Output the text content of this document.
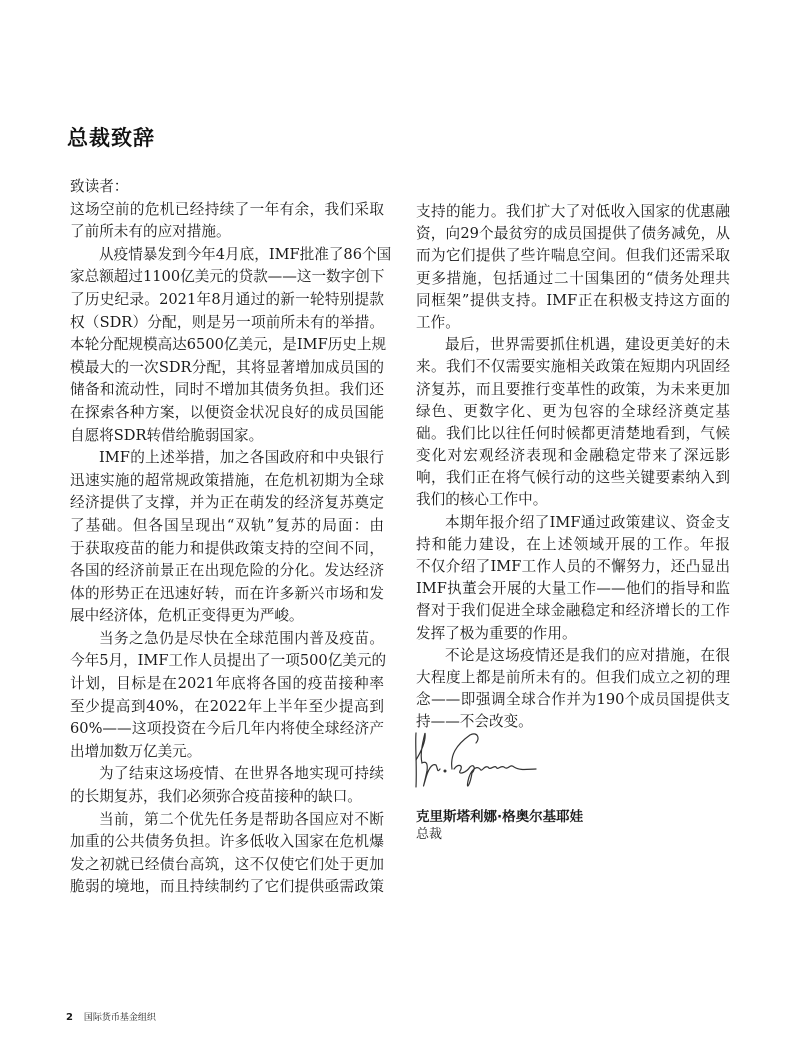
总裁致辞
致读者：
这场空前的危机已经持续了一年有余，我们采取
了前所未有的应对措施。
从疫情暴发到今年4月底，IMF批准了86个国
家总额超过1100亿美元的贷款——这一数字创下
了历史纪录。2021年8月通过的新一轮特别提款
权（SDR）分配，则是另一项前所未有的举措。
本轮分配规模高达6500亿美元，是IMF历史上规
模最大的一次SDR分配，其将显著增加成员国的
储备和流动性，同时不增加其债务负担。我们还
在探索各种方案，以便资金状况良好的成员国能
自愿将SDR转借给脆弱国家。
IMF的上述举措，加之各国政府和中央银行
迅速实施的超常规政策措施，在危机初期为全球
经济提供了支撑，并为正在萌发的经济复苏奠定
了基础。但各国呈现出“双轨”复苏的局面：由
于获取疫苗的能力和提供政策支持的空间不同，
各国的经济前景正在出现危险的分化。发达经济
体的形势正在迅速好转，而在许多新兴市场和发
展中经济体，危机正变得更为严峻。
当务之急仍是尽快在全球范围内普及疫苗。
今年5月，IMF工作人员提出了一项500亿美元的
计划，目标是在2021年底将各国的疫苗接种率
至少提高到40%，在2022年上半年至少提高到
60%——这项投资在今后几年内将使全球经济产
出增加数万亿美元。
为了结束这场疫情、在世界各地实现可持续
的长期复苏，我们必须弥合疫苗接种的缺口。
当前，第二个优先任务是帮助各国应对不断
加重的公共债务负担。许多低收入国家在危机爆
发之初就已经债台高筑，这不仅使它们处于更加
脆弱的境地，而且持续制约了它们提供亟需政策
支持的能力。我们扩大了对低收入国家的优惠融
资，向29个最贫穷的成员国提供了债务减免，从
而为它们提供了些许喘息空间。但我们还需采取
更多措施，包括通过二十国集团的“债务处理共
同框架”提供支持。IMF正在积极支持这方面的
工作。
最后，世界需要抓住机遇，建设更美好的未
来。我们不仅需要实施相关政策在短期内巩固经
济复苏，而且要推行变革性的政策，为未来更加
绿色、更数字化、更为包容的全球经济奠定基
础。我们比以往任何时候都更清楚地看到，气候
变化对宏观经济表现和金融稳定带来了深远影
响，我们正在将气候行动的这些关键要素纳入到
我们的核心工作中。
本期年报介绍了IMF通过政策建议、资金支
持和能力建设，在上述领域开展的工作。年报
不仅介绍了IMF工作人员的不懈努力，还凸显出
IMF执董会开展的大量工作——他们的指导和监
督对于我们促进全球金融稳定和经济增长的工作
发挥了极为重要的作用。
不论是这场疫情还是我们的应对措施，在很
大程度上都是前所未有的。但我们成立之初的理
念——即强调全球合作并为190个成员国提供支
持——不会改变。
克里斯塔利娜·格奥尔基耶娃
总裁
2 国际货币基金组织
